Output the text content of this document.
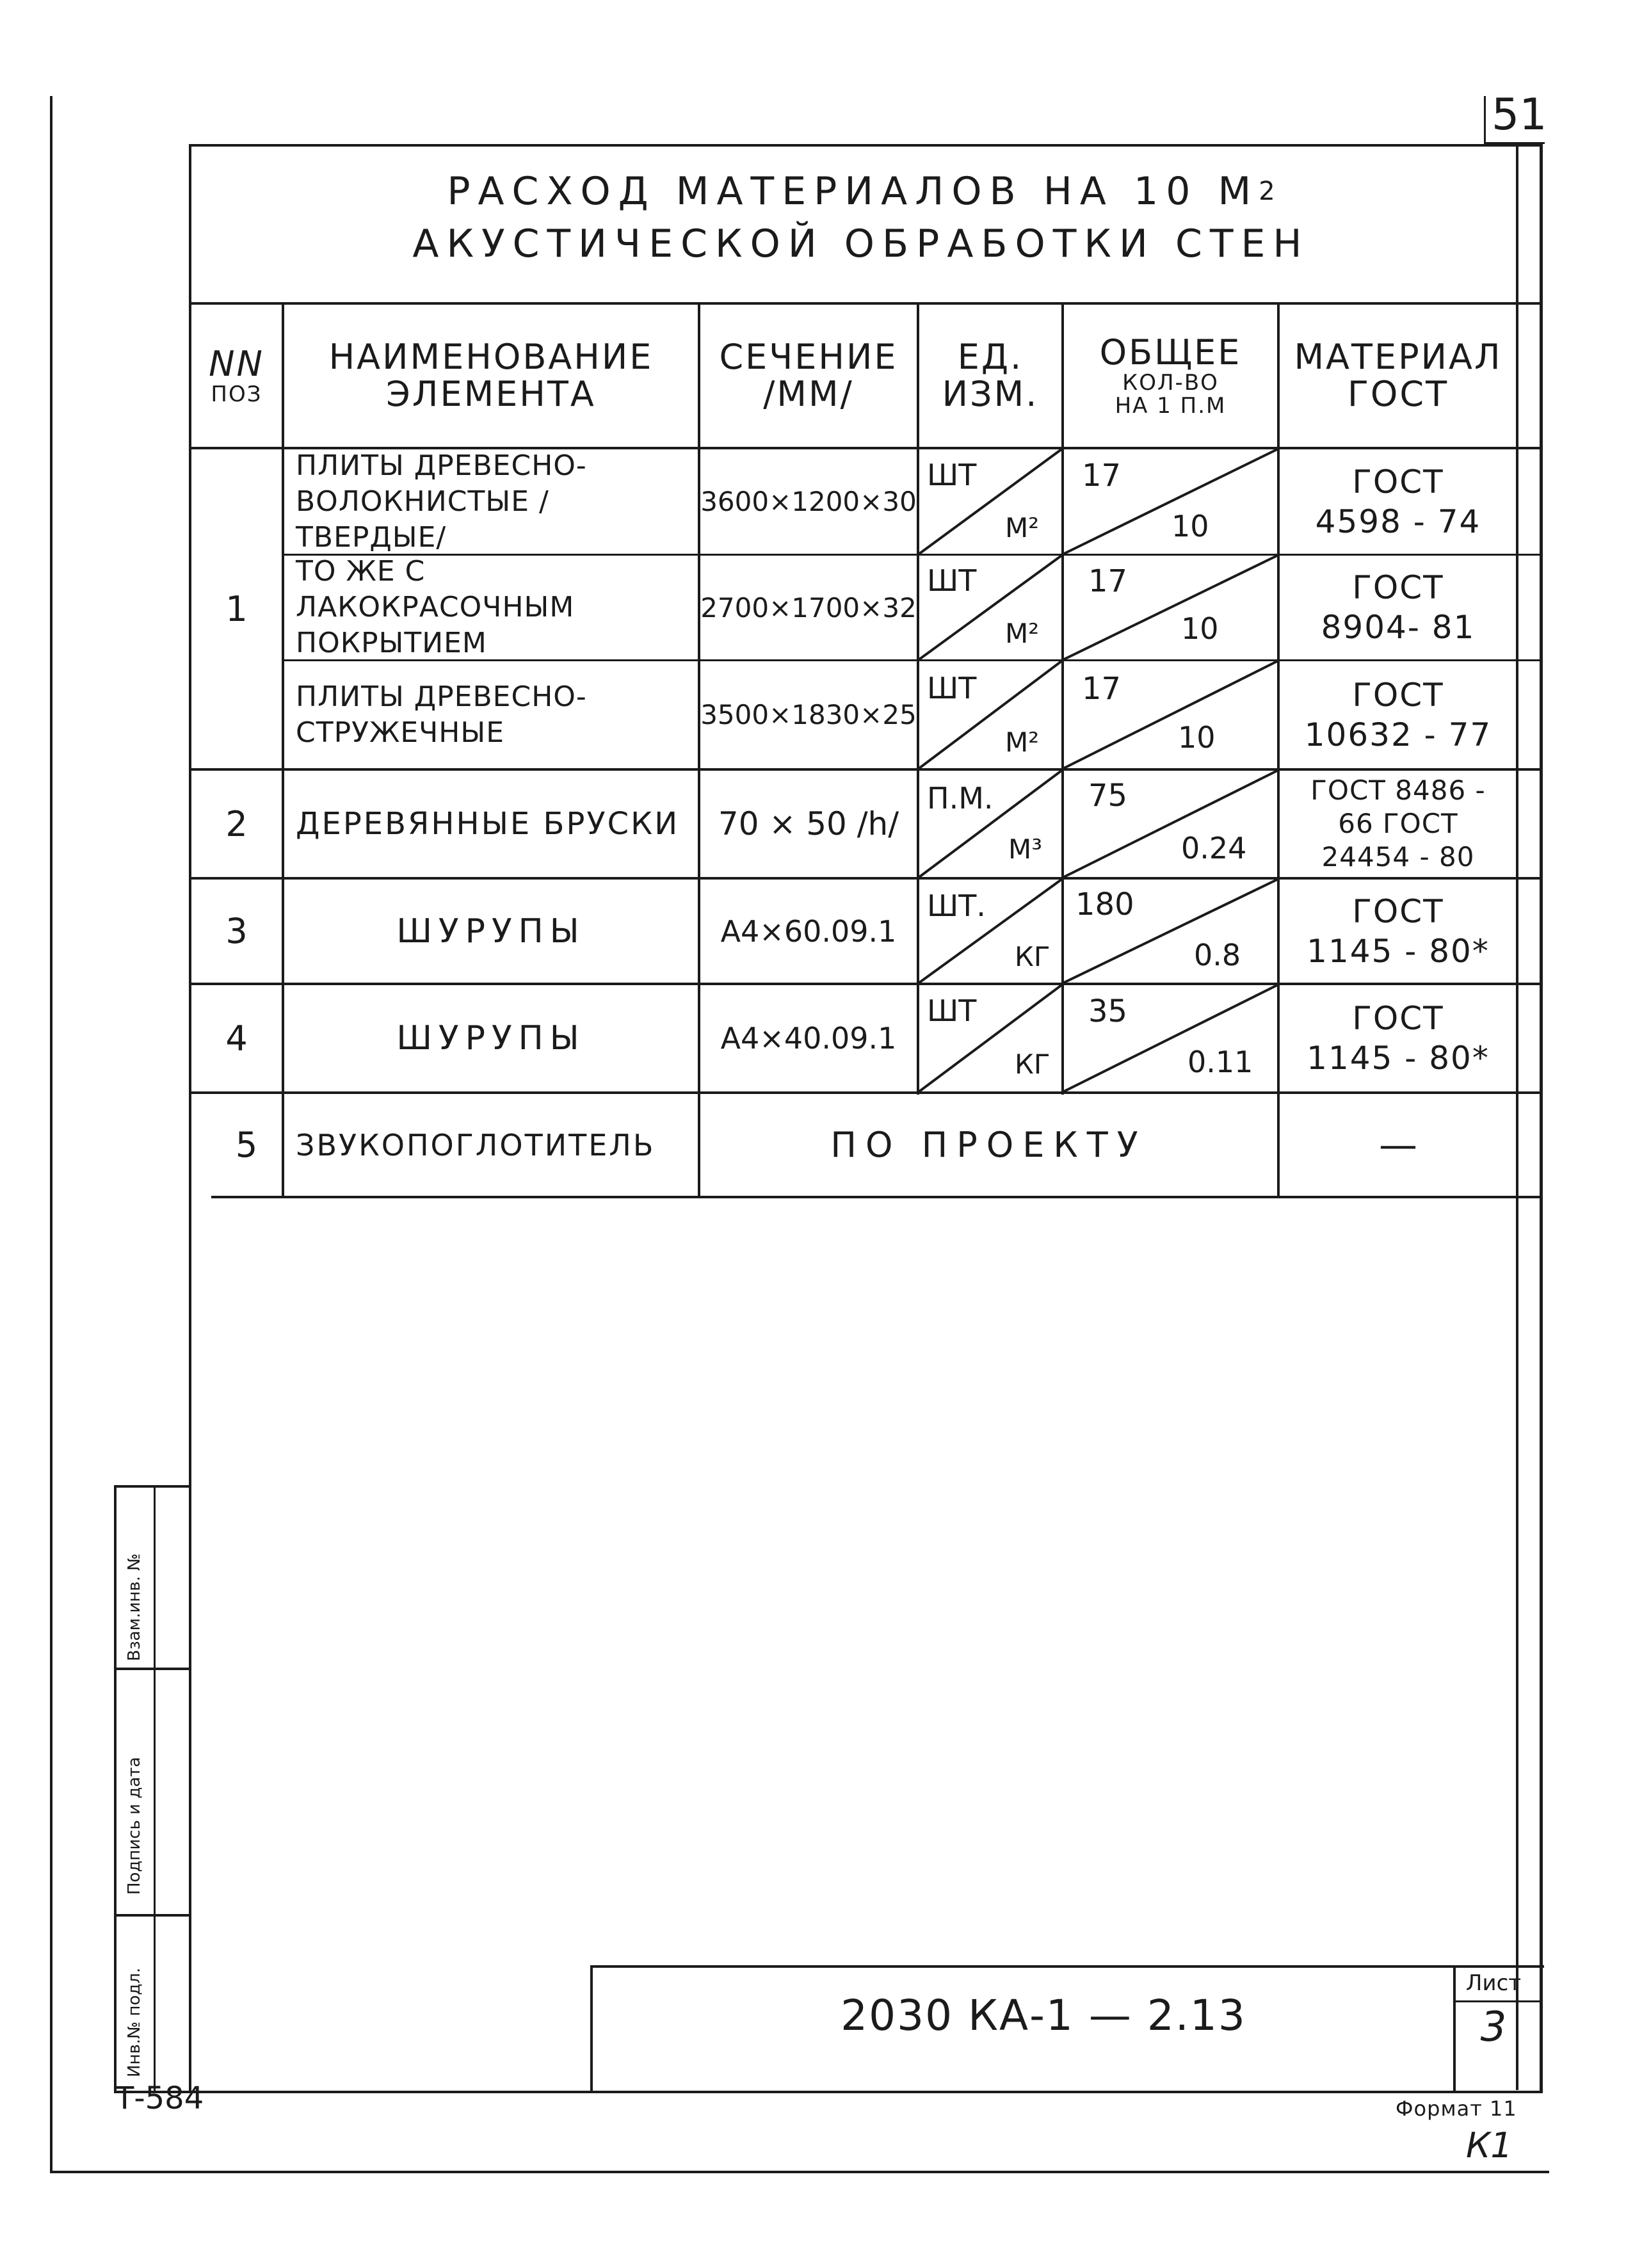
51
РАСХОД МАТЕРИАЛОВ НА 10 $М^2$
АКУСТИЧЕСКОЙ ОБРАБОТКИ СТЕН
NN
ПОЗ
НАИМЕНОВАНИЕ ЭЛЕМЕНТА
СЕЧЕНИЕ /ММ/
ЕД. ИЗМ.
ОБЩЕЕ
КОЛ-ВО НА 1 П.М
МАТЕРИАЛ ГОСТ
1
2
3
4
5
ПЛИТЫ ДРЕВЕСНО-ВОЛОКНИСТЫЕ /ТВЕРДЫЕ/
ТО ЖЕ С ЛАКОКРАСОЧНЫМ ПОКРЫТИЕМ
ПЛИТЫ ДРЕВЕСНО-СТРУЖЕЧНЫЕ
ДЕРЕВЯННЫЕ БРУСКИ
ШУРУПЫ
ШУРУПЫ
ЗВУКОПОГЛОТИТЕЛЬ
3600×1200×30
2700×1700×32
3500×1830×25
70 × 50 /h/
А4×60.09.1
А4×40.09.1
ПО ПРОЕКТУ
ШТ
М²
ШТ
М²
ШТ
М²
П.М.
М³
ШТ.
КГ
ШТ
КГ
17
10
17
10
17
10
75
0.24
180
0.8
35
0.11
ГОСТ 4598 - 74
ГОСТ 8904- 81
ГОСТ 10632 - 77
ГОСТ 8486 - 66 ГОСТ 24454 - 80
ГОСТ 1145 - 80*
ГОСТ 1145 - 80*
—
Взам.инв. №
Подпись и дата
Инв.№ подл.	2030 КА-1 — 2.13
Лист
3
Формат 11
Т-584
К1
